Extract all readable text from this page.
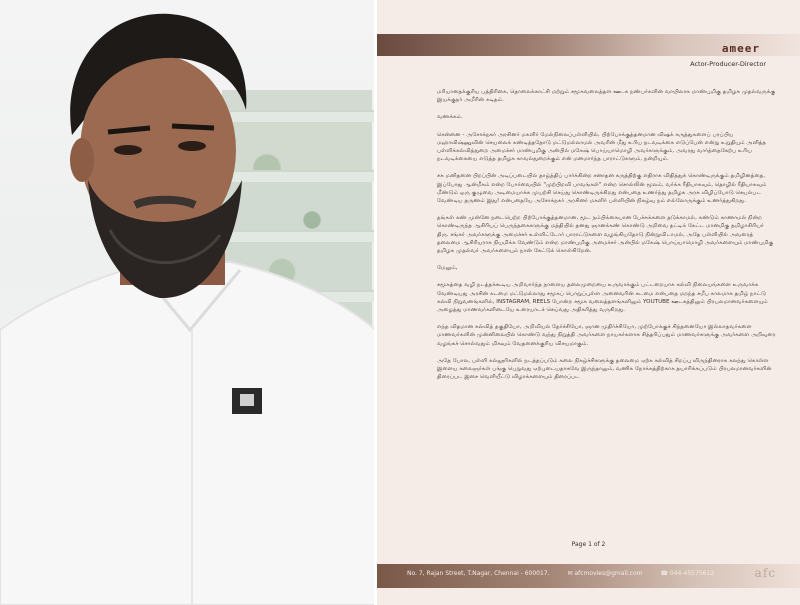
ameer
Actor-Producer-Director

மரியாதைக்குரிய பத்திரிகை, தொலைக்காட்சி மற்றும் சமூகவலைத்தள ஊடக நண்பர்களின் வாயிலாக மாண்புமிகு தமிழக முதல்வருக்கு இயக்குநர் அமீரின் கடிதம்.

வணக்கம்.

சென்னை - அசோக்நகர் அரசினர் மகளிர் மேல்நிலைப்பள்ளியில், பிற்போக்குத்தனமான விஷக் கருத்துகளைப் பரப்பிய மஹாவிஷ்ணுவின் செயலைக் கண்டித்ததோடு மட்டுமல்லாமல் அவரின் மீது உரிய நடவடிக்கை எடுப்பேன் என்று உறுதியும் அளித்த பள்ளிக்கல்வித்துறை அமைச்சர் மாண்புமிகு அன்பில் மகேஷ் பொய்யாமொழி அவர்களுக்கும், அவரது வார்த்தைகேற்ப உரிய நடவடிக்கையை எடுத்த தமிழக காவல்துறைக்கும் என் மனமார்ந்த பாராட்டுகளும், நன்றியும்.

சக மனிதனை பிறப்பின் அடிப்படையில் தாழ்த்திப் பார்க்கின்ற சனாதன கருத்திற்கு எதிராக விதித்துக் கொண்டிருக்கும் தமிழினத்தை, இப்போது ஆன்மீகம் என்ற போர்வையில் "முற்பிறவி பாவங்கள்" என்ற சொல்லின் மூலம், வர்க்க ரீதியாகவும், தொழில் ரீதியாகவும் மீண்டும் ஒரு குழுவை அடிமையாக்க முயற்சி செய்து கொண்டிருக்கிறது என்பதை உணர்ந்து தமிழக அரசு விழிப்போடு செயல்பட வேண்டிய தருணம் இது! என்பதையே அசோக்நகர் அரசினர் மகளிர் பள்ளியின் நிகழ்வு நம் எல்லோருக்கும் உணர்த்துகிறது.

தங்கள் கண் முன்னே நடைபெற்ற பிற்போக்குத்தனமான, மூட நம்பிக்கையான பேச்சுக்களை தடுக்காமல், கண்டும் காணாமல் நின்ற கொண்டிருந்த ஆசிரியப் பெருந்தகைகளுக்கு மத்தியில் தனது ஞானக்கண் கொண்டு அறிவை தட்டிக் கேட்ட மானமிகு தமிழாசிரியர் திரு. சங்கர் அவர்களுக்கு அமைச்சர் உள்ளிட்டோர் பாராட்டுகளை வழங்கியதோடு நின்றுவிடாமல், அதே பள்ளியில் அவரைத் தலைமை ஆசிரியராக நியமிக்க வேண்டும் என்ற மாண்புமிகு அமைச்சர் அன்பில் மகேஷ் பொய்யாமொழி அவர்களையும் மாண்புமிகு தமிழக முதல்வர் அவர்களையும் நான் கேட்டுக் கொள்கிறேன்.

மேலும்,

சமூகத்தை வழி நடத்தக்கூடிய அறிவார்ந்த நாளைய தலைமுறையை உருவாக்கும் பட்டறையாக கல்வி நிலையங்களை உருவாக்க வேண்டியது அரசின் கடமை மட்டுமல்லாது சமூகப் பொறுப்புள்ள அனைவரின் கடமை என்பதை மறந்த சமீப காலமாக தமிழ் நாட்டு கல்வி நிறுவனங்களில், INSTAGRAM, REELS போன்ற சமூக வலைத்தளங்களிலும் YOUTUBE ஊடகத்திலும் பிரபலமானவர்களையும் அழைத்து மாணவர்களிடையே உரையாடச் செய்வது அதிகரித்து வருகிறது.

எந்த விதமான கல்வித் தகுதியோ, அறிவியல் தேர்ச்சியோ, ஞான முதிர்ச்சியோ, முற்போக்குச் சிந்தனையோ இல்லாதவர்களை மாணவர்களின் முன்னிலையில் கொண்டு வந்து நிறுத்தி அவர்களை நாயகர்களாக சித்தரிப்பதும் மாணவர்களுக்கு அவர்களை அறிவுரை வழங்கச் சொல்வதும் மிகவும் வேதனைக்குரிய விசயமாகும்.

அதே போல, பள்ளி கல்லூரிகளில் நடத்தப்படும் கலை நிகழ்ச்சிகளுக்கு தலைமை ஏற்க கல்வித் சிறப்பு விருந்தினராக கலந்து கொள்ள இளைய கலைஞர்கள் பங்கு பெறுவது ஏற்புடையதாகவே இருந்தாலும், வணிக நோக்கத்திற்காக தயாரிக்கப்படும் பிரபலமானவர்களின் திரைப்பட இசை வெளியீட்டு விழாக்களையும் திரைப்பட

Page 1 of 2
No. 7, Rajan Street, T.Nagar, Chennai - 600017.	✉ afcmovies@gmail.com	☎ 044-45575612	afc
